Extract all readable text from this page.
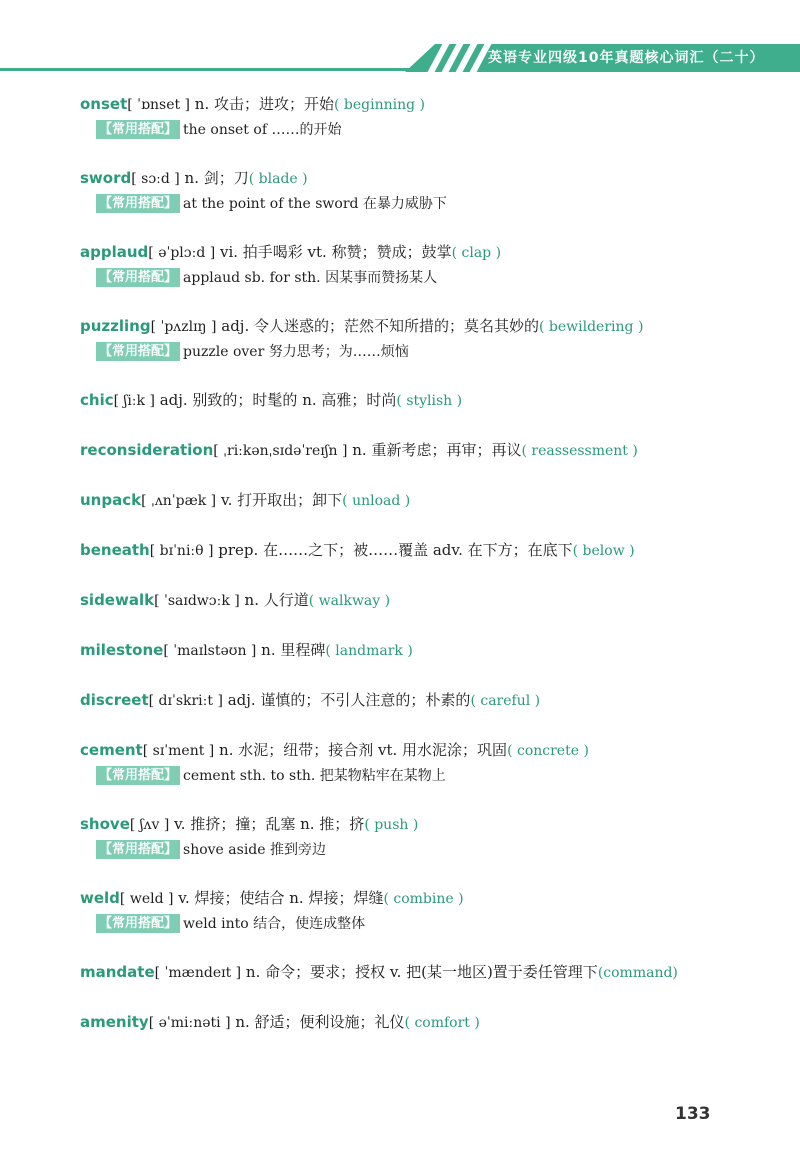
英语专业四级10年真题核心词汇（二十）
onset[ ˈɒnset ] n. 攻击；进攻；开始( beginning )
【常用搭配】 the onset of ……的开始
sword[ sɔːd ] n. 剑；刀( blade )
【常用搭配】 at the point of the sword 在暴力威胁下
applaud[ əˈplɔːd ] vi. 拍手喝彩 vt. 称赞；赞成；鼓掌( clap )
【常用搭配】 applaud sb. for sth. 因某事而赞扬某人
puzzling[ ˈpʌzlɪŋ ] adj. 令人迷惑的；茫然不知所措的；莫名其妙的( bewildering )
【常用搭配】 puzzle over 努力思考；为……烦恼
chic[ ʃiːk ] adj. 别致的；时髦的 n. 高雅；时尚( stylish )
reconsideration[ ˌriːkənˌsɪdəˈreɪʃn ] n. 重新考虑；再审；再议( reassessment )
unpack[ ˌʌnˈpæk ] v. 打开取出；卸下( unload )
beneath[ bɪˈniːθ ] prep. 在……之下；被……覆盖 adv. 在下方；在底下( below )
sidewalk[ ˈsaɪdwɔːk ] n. 人行道( walkway )
milestone[ ˈmaɪlstəʊn ] n. 里程碑( landmark )
discreet[ dɪˈskriːt ] adj. 谨慎的；不引人注意的；朴素的( careful )
cement[ sɪˈment ] n. 水泥；纽带；接合剂 vt. 用水泥涂；巩固( concrete )
【常用搭配】 cement sth. to sth. 把某物粘牢在某物上
shove[ ʃʌv ] v. 推挤；撞；乱塞 n. 推；挤( push )
【常用搭配】 shove aside 推到旁边
weld[ weld ] v. 焊接；使结合 n. 焊接；焊缝( combine )
【常用搭配】 weld into 结合，使连成整体
mandate[ ˈmændeɪt ] n. 命令；要求；授权 v. 把(某一地区)置于委任管理下(command)
amenity[ əˈmiːnəti ] n. 舒适；便利设施；礼仪( comfort )
133
